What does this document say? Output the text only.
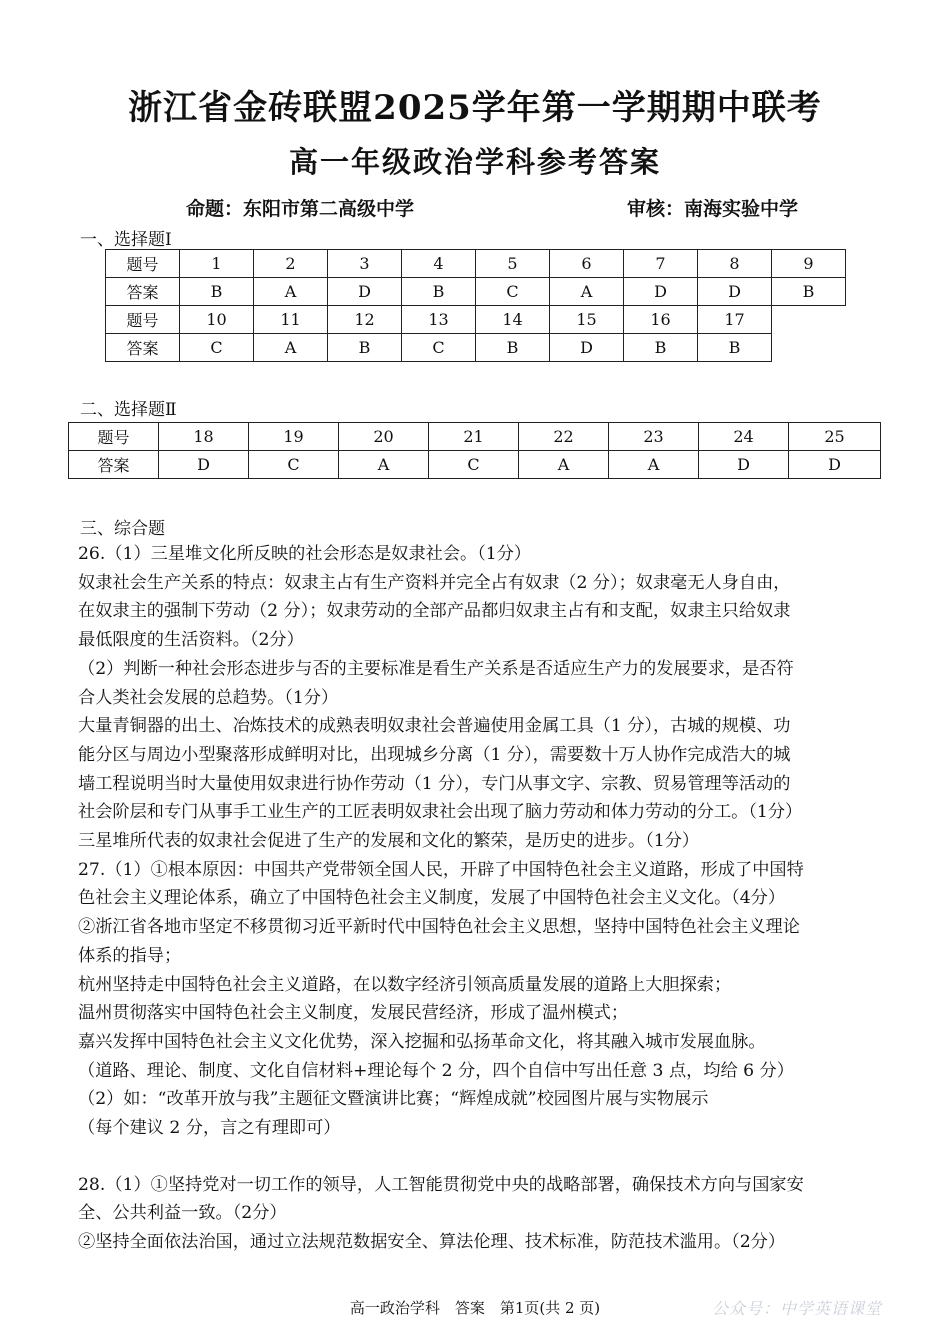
浙江省金砖联盟2025学年第一学期期中联考
高一年级政治学科参考答案
命题：东阳市第二高级中学	审核：南海实验中学
一、选择题Ⅰ
题号	1	2	3	4	5	6	7	8	9
答案	B	A	D	B	C	A	D	D	B
题号	10	11	12	13	14	15	16	17	
答案	C	A	B	C	B	D	B	B	
二、选择题Ⅱ
题号	18	19	20	21	22	23	24	25
答案	D	C	A	C	A	A	D	D
三、综合题

26.（1）三星堆文化所反映的社会形态是奴隶社会。（1分）

奴隶社会生产关系的特点：奴隶主占有生产资料并完全占有奴隶（2 分）；奴隶毫无人身自由，

在奴隶主的强制下劳动（2 分）；奴隶劳动的全部产品都归奴隶主占有和支配，奴隶主只给奴隶

最低限度的生活资料。（2分）

（2）判断一种社会形态进步与否的主要标准是看生产关系是否适应生产力的发展要求，是否符

合人类社会发展的总趋势。（1分）

大量青铜器的出土、冶炼技术的成熟表明奴隶社会普遍使用金属工具（1 分），古城的规模、功

能分区与周边小型聚落形成鲜明对比，出现城乡分离（1 分），需要数十万人协作完成浩大的城

墙工程说明当时大量使用奴隶进行协作劳动（1 分），专门从事文字、宗教、贸易管理等活动的

社会阶层和专门从事手工业生产的工匠表明奴隶社会出现了脑力劳动和体力劳动的分工。（1分）

三星堆所代表的奴隶社会促进了生产的发展和文化的繁荣，是历史的进步。（1分）

27.（1）①根本原因：中国共产党带领全国人民，开辟了中国特色社会主义道路，形成了中国特

色社会主义理论体系，确立了中国特色社会主义制度，发展了中国特色社会主义文化。（4分）

②浙江省各地市坚定不移贯彻习近平新时代中国特色社会主义思想，坚持中国特色社会主义理论

体系的指导；

杭州坚持走中国特色社会主义道路，在以数字经济引领高质量发展的道路上大胆探索；

温州贯彻落实中国特色社会主义制度，发展民营经济，形成了温州模式；

嘉兴发挥中国特色社会主义文化优势，深入挖掘和弘扬革命文化，将其融入城市发展血脉。

（道路、理论、制度、文化自信材料+理论每个 2 分，四个自信中写出任意 3 点，均给 6 分）

（2）如：“改革开放与我”主题征文暨演讲比赛；“辉煌成就”校园图片展与实物展示

（每个建议 2 分，言之有理即可）

28.（1）①坚持党对一切工作的领导，人工智能贯彻党中央的战略部署，确保技术方向与国家安

全、公共利益一致。（2分）

②坚持全面依法治国，通过立法规范数据安全、算法伦理、技术标准，防范技术滥用。（2分）

高一政治学科　答案　第1页(共 2 页)	公众号：中学英语课堂
